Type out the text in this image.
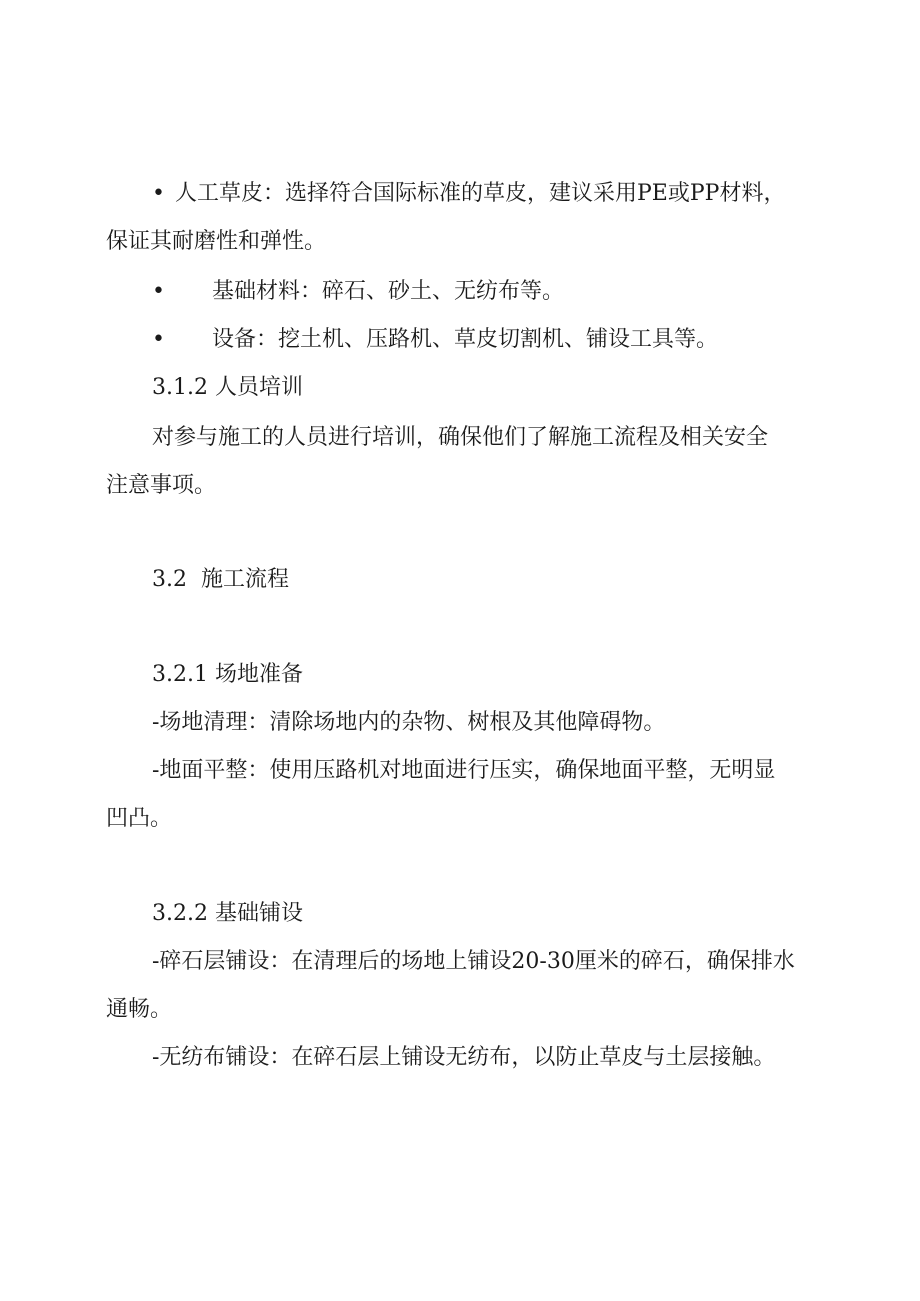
• 人工草皮：选择符合国际标准的草皮，建议采用PE或PP材料，

保证其耐磨性和弹性。

• 基础材料：碎石、砂土、无纺布等。

• 设备：挖土机、压路机、草皮切割机、铺设工具等。

3.1.2 人员培训

对参与施工的人员进行培训，确保他们了解施工流程及相关安全

注意事项。

3.2  施工流程

3.2.1 场地准备

-场地清理：清除场地内的杂物、树根及其他障碍物。

-地面平整：使用压路机对地面进行压实，确保地面平整，无明显

凹凸。

3.2.2 基础铺设

-碎石层铺设：在清理后的场地上铺设20-30厘米的碎石，确保排水

通畅。

-无纺布铺设：在碎石层上铺设无纺布，以防止草皮与土层接触。
